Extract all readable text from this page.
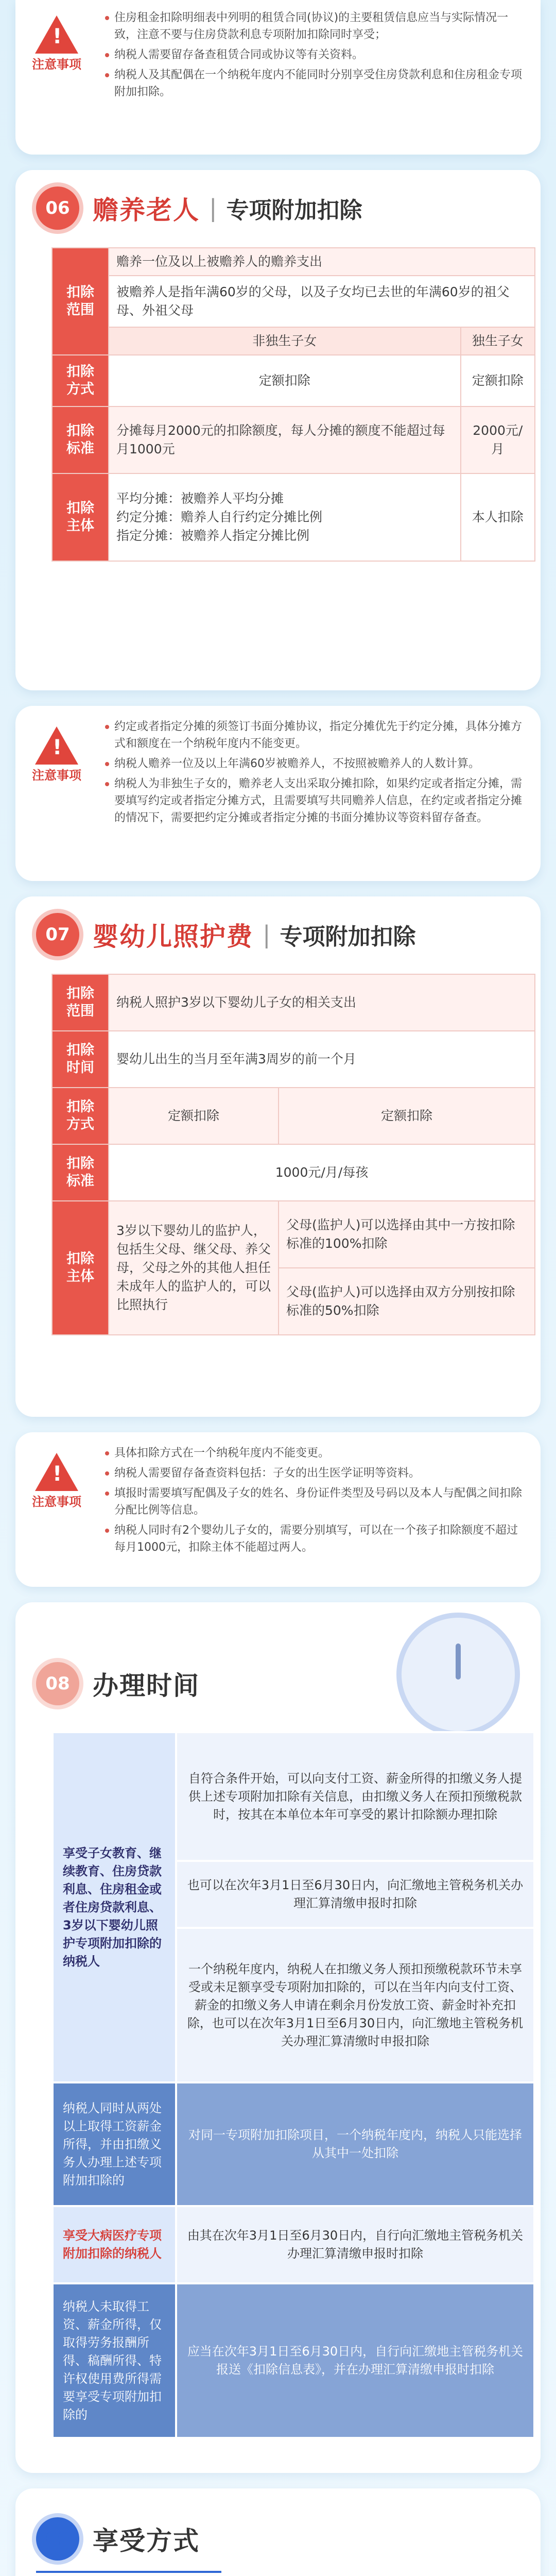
!
注意事项
住房租金扣除明细表中列明的租赁合同(协议)的主要租赁信息应当与实际情况一致，注意不要与住房贷款利息专项附加扣除同时享受；
纳税人需要留存备查租赁合同或协议等有关资料。
纳税人及其配偶在一个纳税年度内不能同时分别享受住房贷款利息和住房租金专项附加扣除。
06 赡养老人 | 专项附加扣除
扣除范围	赡养一位及以上被赡养人的赡养支出	
	被赡养人是指年满60岁的父母，以及子女均已去世的年满60岁的祖父母、外祖父母	
	非独生子女	独生子女
扣除方式	定额扣除	定额扣除
扣除标准	分摊每月2000元的扣除额度，每人分摊的额度不能超过每月1000元	2000元/月
扣除主体	平均分摊：被赡养人平均分摊
约定分摊：赡养人自行约定分摊比例
指定分摊：被赡养人指定分摊比例	本人扣除
!
注意事项
约定或者指定分摊的须签订书面分摊协议，指定分摊优先于约定分摊，具体分摊方式和额度在一个纳税年度内不能变更。
纳税人赡养一位及以上年满60岁被赡养人，不按照被赡养人的人数计算。
纳税人为非独生子女的，赡养老人支出采取分摊扣除，如果约定或者指定分摊，需要填写约定或者指定分摊方式，且需要填写共同赡养人信息，在约定或者指定分摊的情况下，需要把约定分摊或者指定分摊的书面分摊协议等资料留存备查。
07 婴幼儿照护费 | 专项附加扣除
扣除范围	纳税人照护3岁以下婴幼儿子女的相关支出	
扣除时间	婴幼儿出生的当月至年满3周岁的前一个月	
扣除方式	定额扣除	定额扣除
扣除标准	1000元/月/每孩	
扣除主体	3岁以下婴幼儿的监护人，包括生父母、继父母、养父母，父母之外的其他人担任未成年人的监护人的，可以比照执行	父母(监护人)可以选择由其中一方按扣除标准的100%扣除
		父母(监护人)可以选择由双方分别按扣除标准的50%扣除
!
注意事项
具体扣除方式在一个纳税年度内不能变更。
纳税人需要留存备查资料包括：子女的出生医学证明等资料。
填报时需要填写配偶及子女的姓名、身份证件类型及号码以及本人与配偶之间扣除分配比例等信息。
纳税人同时有2个婴幼儿子女的，需要分别填写，可以在一个孩子扣除额度不超过每月1000元，扣除主体不能超过两人。
08 办理时间
享受子女教育、继续教育、住房贷款利息、住房租金或者住房贷款利息、3岁以下婴幼儿照护专项附加扣除的纳税人	自符合条件开始，可以向支付工资、薪金所得的扣缴义务人提供上述专项附加扣除有关信息，由扣缴义务人在预扣预缴税款时，按其在本单位本年可享受的累计扣除额办理扣除
	也可以在次年3月1日至6月30日内，向汇缴地主管税务机关办理汇算清缴申报时扣除
	一个纳税年度内，纳税人在扣缴义务人预扣预缴税款环节未享受或未足额享受专项附加扣除的，可以在当年内向支付工资、薪金的扣缴义务人申请在剩余月份发放工资、薪金时补充扣除，也可以在次年3月1日至6月30日内，向汇缴地主管税务机关办理汇算清缴时申报扣除
纳税人同时从两处以上取得工资薪金所得，并由扣缴义务人办理上述专项附加扣除的	对同一专项附加扣除项目，一个纳税年度内，纳税人只能选择从其中一处扣除
享受大病医疗专项附加扣除的纳税人	由其在次年3月1日至6月30日内，自行向汇缴地主管税务机关办理汇算清缴申报时扣除
纳税人未取得工资、薪金所得，仅取得劳务报酬所得、稿酬所得、特许权使用费所得需要享受专项附加扣除的	应当在次年3月1日至6月30日内，自行向汇缴地主管税务机关报送《扣除信息表》，并在办理汇算清缴申报时扣除
09 享受方式
